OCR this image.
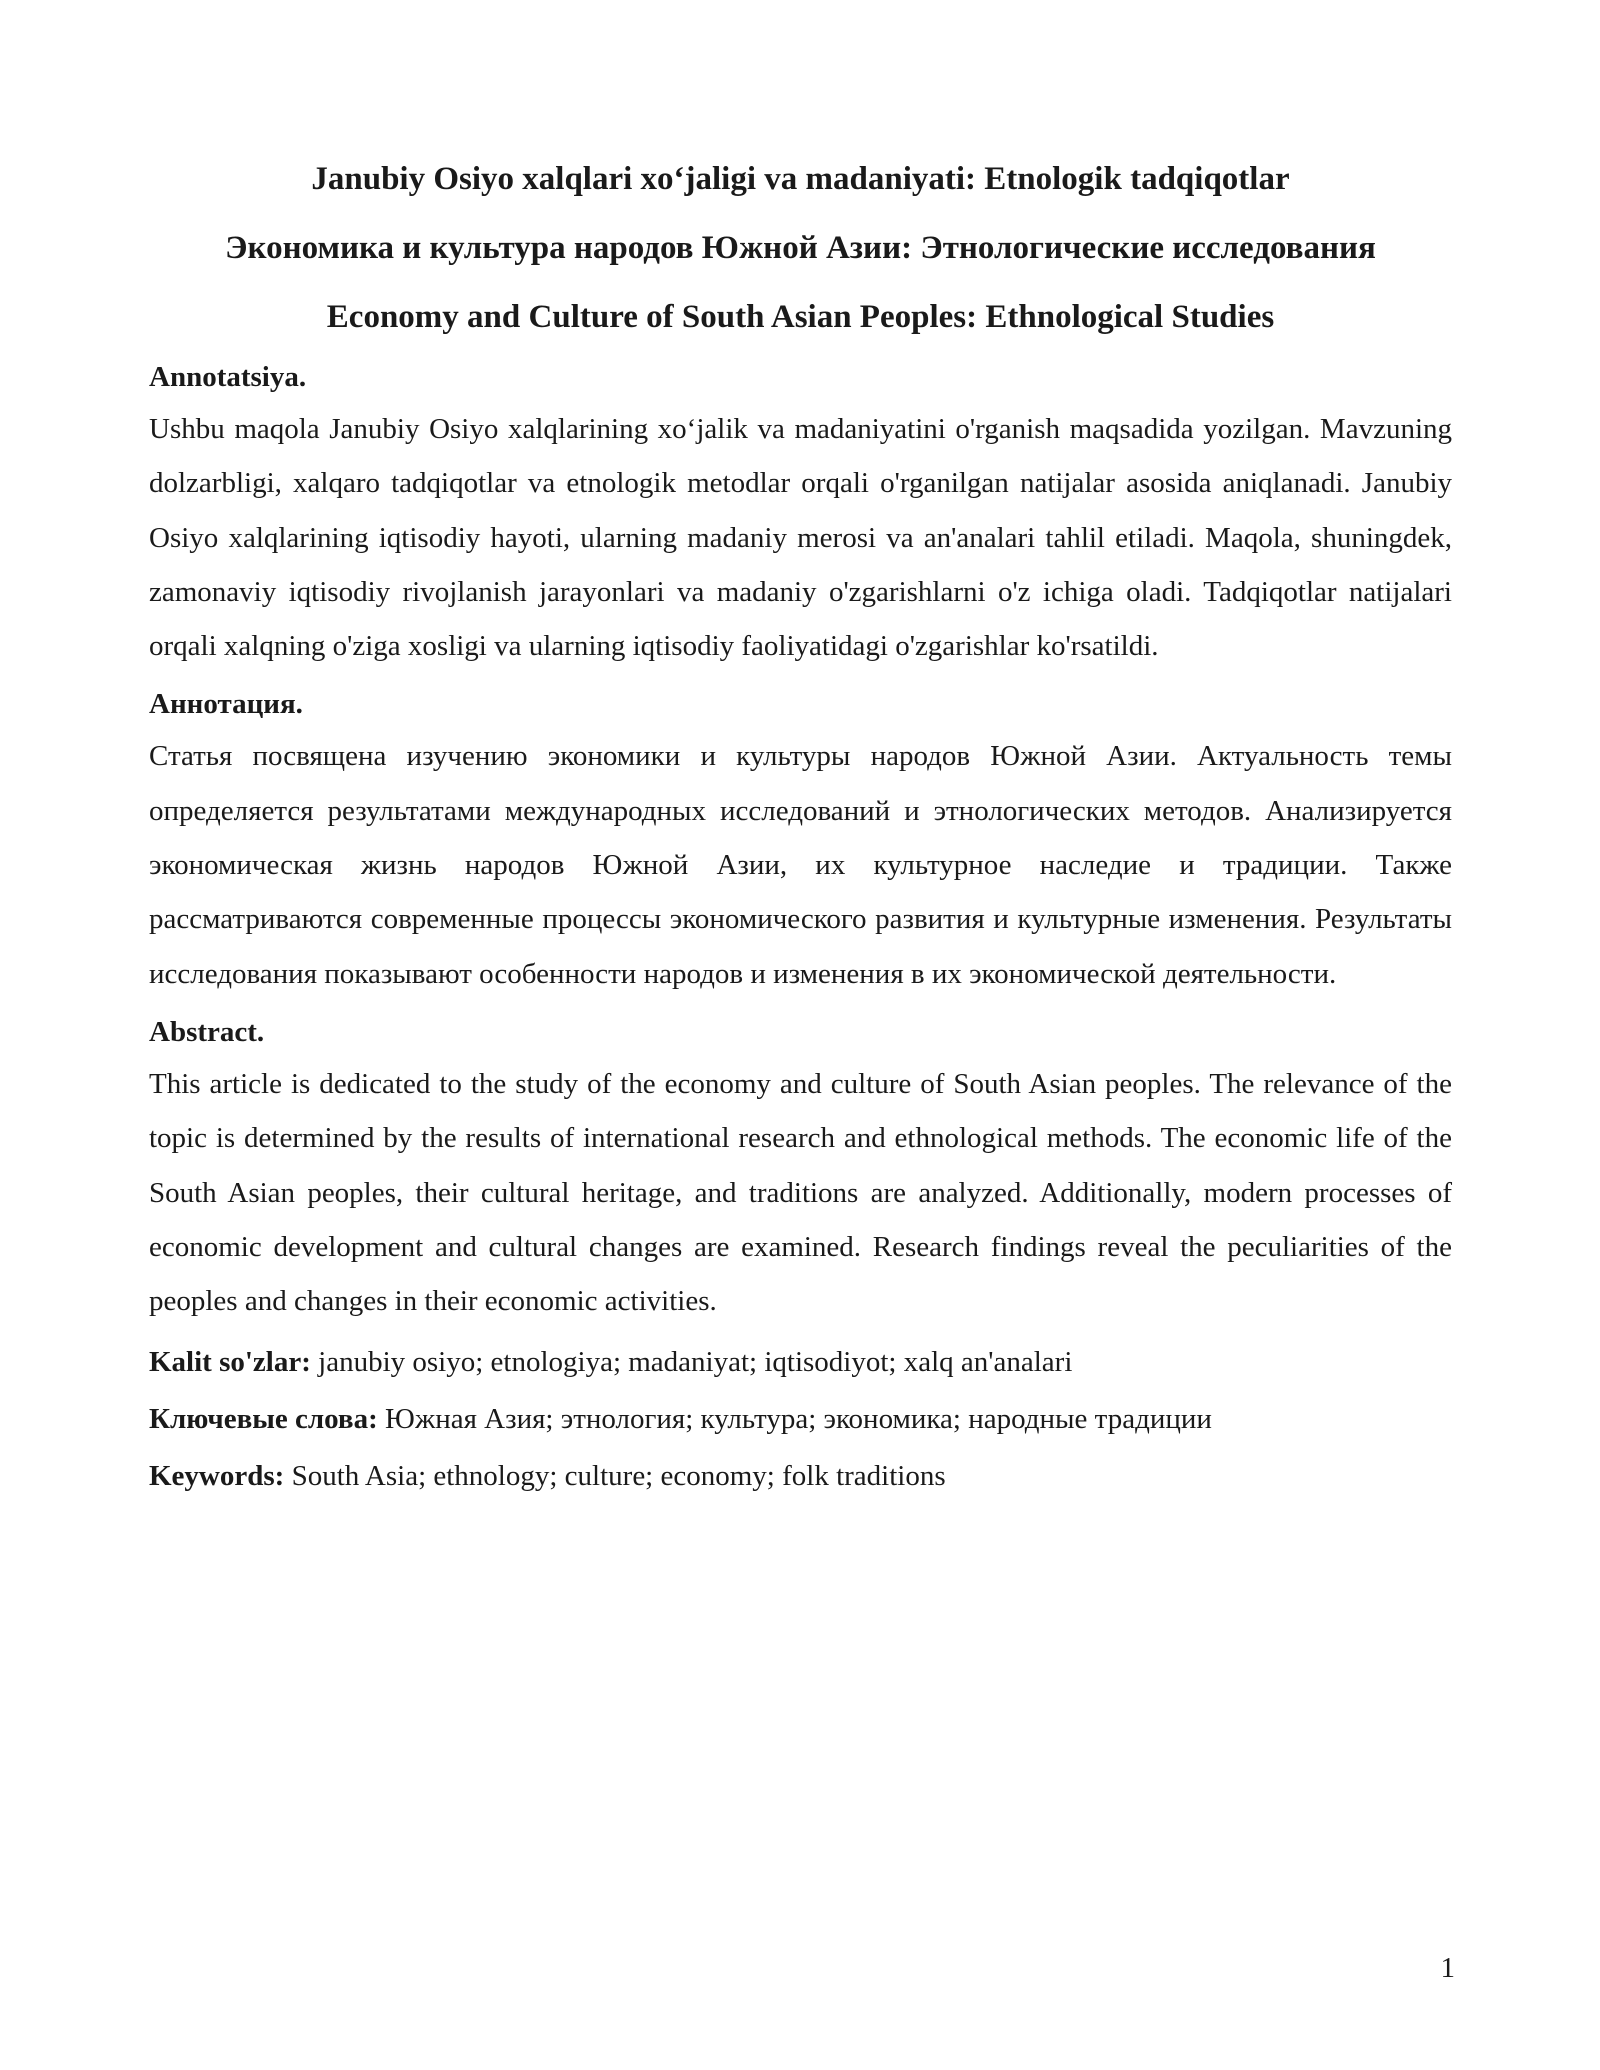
Janubiy Osiyo xalqlari xo‘jaligi va madaniyati: Etnologik tadqiqotlar
Экономика и культура народов Южной Азии: Этнологические исследования
Economy and Culture of South Asian Peoples: Ethnological Studies
Annotatsiya.

Ushbu maqola Janubiy Osiyo xalqlarining xo‘jalik va madaniyatini o'rganish maqsadida yozilgan. Mavzuning dolzarbligi, xalqaro tadqiqotlar va etnologik metodlar orqali o'rganilgan natijalar asosida aniqlanadi. Janubiy Osiyo xalqlarining iqtisodiy hayoti, ularning madaniy merosi va an'analari tahlil etiladi. Maqola, shuningdek, zamonaviy iqtisodiy rivojlanish jarayonlari va madaniy o'zgarishlarni o'z ichiga oladi. Tadqiqotlar natijalari orqali xalqning o'ziga xosligi va ularning iqtisodiy faoliyatidagi o'zgarishlar ko'rsatildi.

Аннотация.

Статья посвящена изучению экономики и культуры народов Южной Азии. Актуальность темы определяется результатами международных исследований и этнологических методов. Анализируется экономическая жизнь народов Южной Азии, их культурное наследие и традиции. Также рассматриваются современные процессы экономического развития и культурные изменения. Результаты исследования показывают особенности народов и изменения в их экономической деятельности.

Abstract.

This article is dedicated to the study of the economy and culture of South Asian peoples. The relevance of the topic is determined by the results of international research and ethnological methods. The economic life of the South Asian peoples, their cultural heritage, and traditions are analyzed. Additionally, modern processes of economic development and cultural changes are examined. Research findings reveal the peculiarities of the peoples and changes in their economic activities.

Kalit so'zlar: janubiy osiyo; etnologiya; madaniyat; iqtisodiyot; xalq an'analari
Ключевые слова: Южная Азия; этнология; культура; экономика; народные традиции
Keywords: South Asia; ethnology; culture; economy; folk traditions
1
